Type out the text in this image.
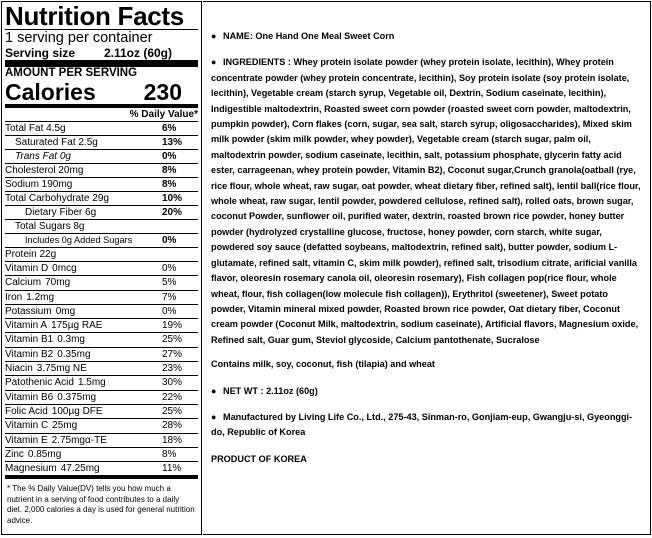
Nutrition Facts
1 serving per container
Serving size 2.11oz (60g)
AMOUNT PER SERVING
Calories 230
% Daily Value*
Total Fat 4.5g	6%
Saturated Fat 2.5g	13%
Trans Fat 0g	0%
Cholesterol 20mg	8%
Sodium 190mg	8%
Total Carbohydrate 29g	10%
Dietary Fiber 6g	20%
Total Sugars 8g
Includes 0g Added Sugars	0%
Protein 22g
Vitamin D 0mcg	0%
Calcium 70mg	5%
Iron 1.2mg	7%
Potassium 0mg	0%
Vitamin A 175µg RAE	19%
Vitamin B1 0.3mg	25%
Vitamin B2 0.35mg	27%
Niacin 3.75mg NE	23%
Patothenic Acid 1.5mg	30%
Vitamin B6 0.375mg	22%
Folic Acid 100µg DFE	25%
Vitamin C 25mg	28%
Vitamin E 2.75mgα-TE	18%
Zinc 0.85mg	8%
Magnesium 47.25mg	11%
* The % Daily Value(DV) tells you how much a nutrient in a serving of food contributes to a daily diet. 2,000 calories a day is used for general nutrition advice.

● NAME: One Hand One Meal Sweet Corn

● INGREDIENTS : Whey protein isolate powder (whey protein isolate, lecithin), Whey protein concentrate powder (whey protein concentrate, lecithin), Soy protein isolate (soy protein isolate, lecithin), Vegetable cream (starch syrup, Vegetable oil, Dextrin, Sodium caseinate, lecithin), Indigestible maltodextrin, Roasted sweet corn powder (roasted sweet corn powder, maltodextrin, pumpkin powder), Corn flakes (corn, sugar, sea salt, starch syrup, oligosaccharides), Mixed skim milk powder (skim milk powder, whey powder), Vegetable cream (starch sugar, palm oil, maltodextrin powder, sodium caseinate, lecithin, salt, potassium phosphate, glycerin fatty acid ester, carrageenan, whey protein powder, Vitamin B2), Coconut sugar,Crunch granola(oatball (rye, rice flour, whole wheat, raw sugar, oat powder, wheat dietary fiber, refined salt), lentil ball(rice flour, whole wheat, raw sugar, lentil powder, powdered cellulose, refined salt), rolled oats, brown sugar, coconut Powder, sunflower oil, purified water, dextrin, roasted brown rice powder, honey butter powder (hydrolyzed crystalline glucose, fructose, honey powder, corn starch, white sugar, powdered soy sauce (defatted soybeans, maltodextrin, refined salt), butter powder, sodium L-glutamate, refined salt, vitamin C, skim milk powder), refined salt, trisodium citrate, arificial vanilla flavor, oleoresin rosemary canola oil, oleoresin rosemary), Fish collagen pop(rice flour, whole wheat, flour, fish collagen(low molecule fish collagen)), Erythritol (sweetener), Sweet potato powder, Vitamin mineral mixed powder, Roasted brown rice powder, Oat dietary fiber, Coconut cream powder (Coconut Milk, maltodextrin, sodium caseinate), Artificial flavors, Magnesium oxide, Refined salt, Guar gum, Steviol glycoside, Calcium pantothenate, Sucralose

Contains milk, soy, coconut, fish (tilapia) and wheat

● NET WT : 2.11oz (60g)

● Manufactured by Living Life Co., Ltd., 275-43, Sinman-ro, Gonjiam-eup, Gwangju-si, Gyeonggi-do, Republic of Korea

PRODUCT OF KOREA
